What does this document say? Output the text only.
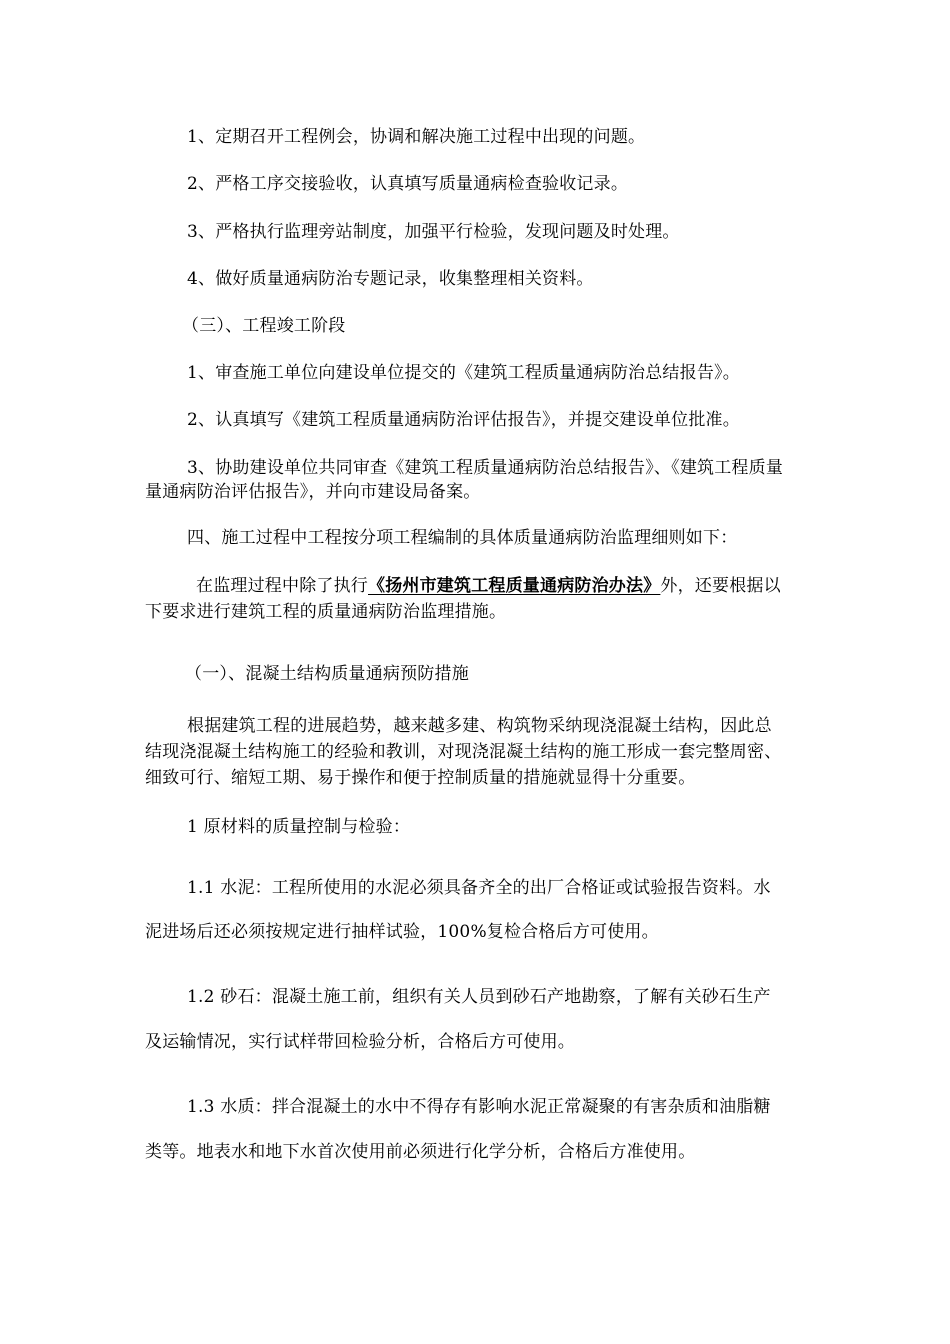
1、定期召开工程例会，协调和解决施工过程中出现的问题。
2、严格工序交接验收，认真填写质量通病检查验收记录。
3、严格执行监理旁站制度，加强平行检验，发现问题及时处理。
4、做好质量通病防治专题记录，收集整理相关资料。
（三）、工程竣工阶段
1、审查施工单位向建设单位提交的《建筑工程质量通病防治总结报告》。
2、认真填写《建筑工程质量通病防治评估报告》，并提交建设单位批准。
3、协助建设单位共同审查《建筑工程质量通病防治总结报告》、《建筑工程质量
量通病防治评估报告》，并向市建设局备案。
四、施工过程中工程按分项工程编制的具体质量通病防治监理细则如下：
在监理过程中除了执行《扬州市建筑工程质量通病防治办法》外，还要根据以
下要求进行建筑工程的质量通病防治监理措施。
（一）、混凝土结构质量通病预防措施
根据建筑工程的进展趋势，越来越多建、构筑物采纳现浇混凝土结构，因此总
结现浇混凝土结构施工的经验和教训，对现浇混凝土结构的施工形成一套完整周密、
细致可行、缩短工期、易于操作和便于控制质量的措施就显得十分重要。
1 原材料的质量控制与检验：
1.1 水泥：工程所使用的水泥必须具备齐全的出厂合格证或试验报告资料。水
泥进场后还必须按规定进行抽样试验，100%复检合格后方可使用。
1.2 砂石：混凝土施工前，组织有关人员到砂石产地勘察，了解有关砂石生产
及运输情况，实行试样带回检验分析，合格后方可使用。
1.3 水质：拌合混凝土的水中不得存有影响水泥正常凝聚的有害杂质和油脂糖
类等。地表水和地下水首次使用前必须进行化学分析，合格后方准使用。
